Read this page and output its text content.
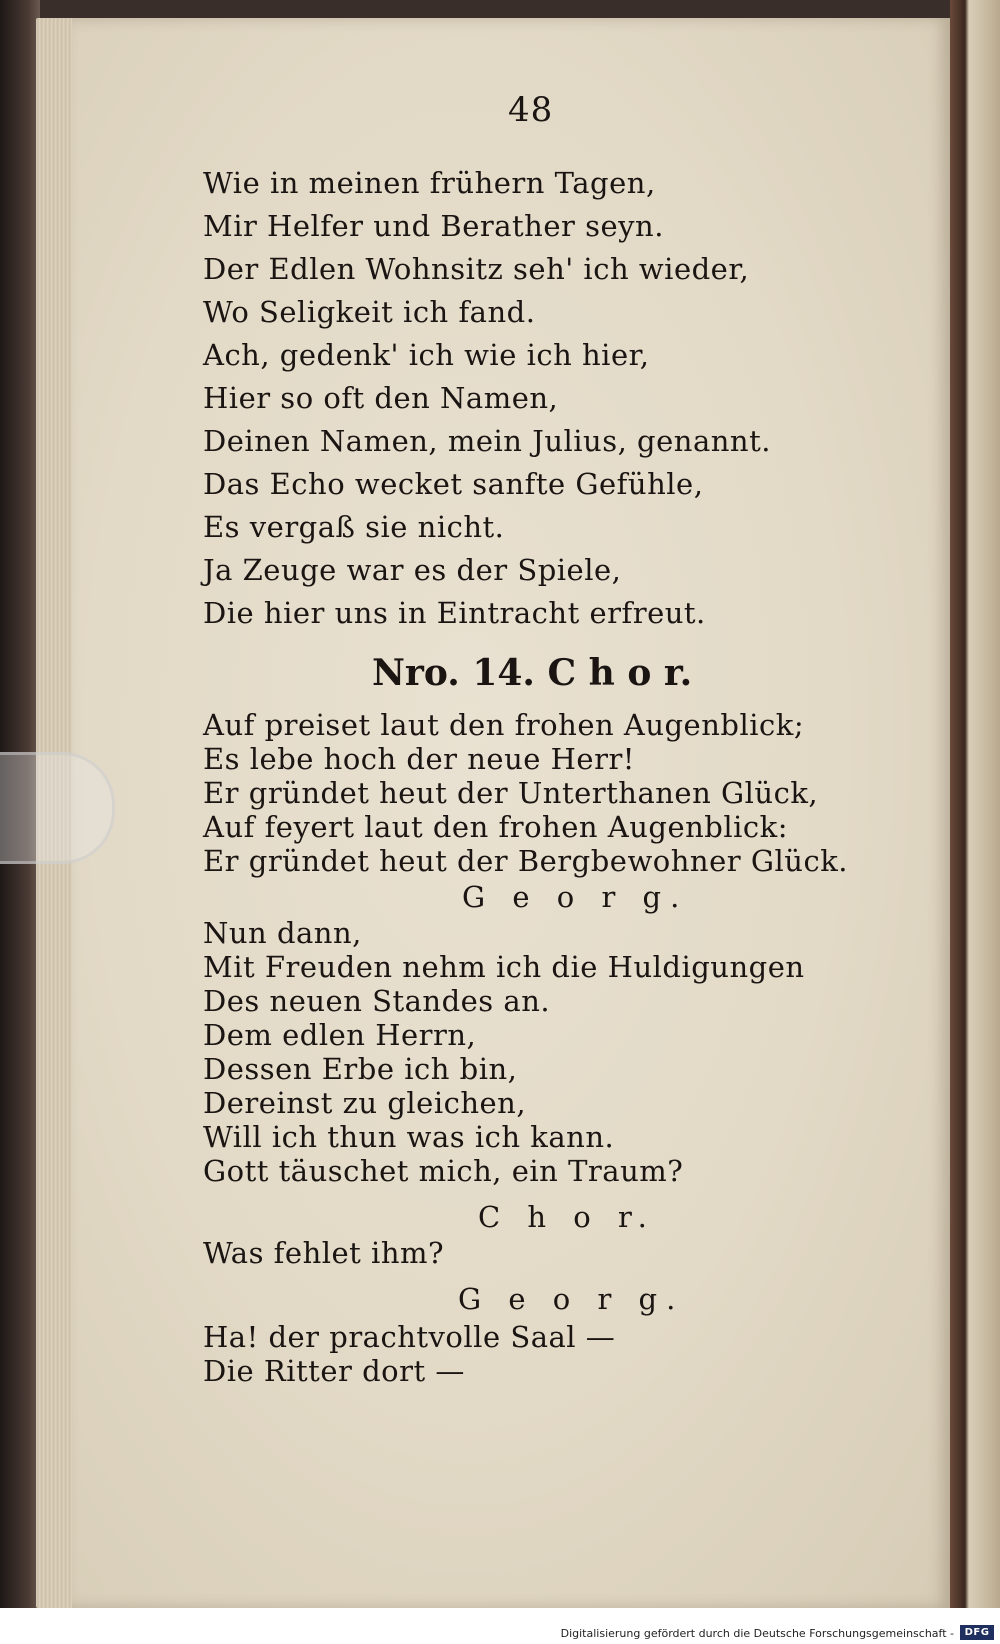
48
Wie in meinen frühern Tagen,
Mir Helfer und Berather seyn.
Der Edlen Wohnsitz seh' ich wieder,
Wo Seligkeit ich fand.
Ach, gedenk' ich wie ich hier,
Hier so oft den Namen,
Deinen Namen, mein Julius, genannt.
Das Echo wecket sanfte Gefühle,
Es vergaß sie nicht.
Ja Zeuge war es der Spiele,
Die hier uns in Eintracht erfreut.
Nro. 14. C h o r.
Auf preiset laut den frohen Augenblick;
Es lebe hoch der neue Herr!
Er gründet heut der Unterthanen Glück,
Auf feyert laut den frohen Augenblick:
Er gründet heut der Bergbewohner Glück.
G e o r g.
Nun dann,
Mit Freuden nehm ich die Huldigungen
Des neuen Standes an.
Dem edlen Herrn,
Dessen Erbe ich bin,
Dereinst zu gleichen,
Will ich thun was ich kann.
Gott täuschet mich, ein Traum?
C h o r.
Was fehlet ihm?
G e o r g.
Ha! der prachtvolle Saal —
Die Ritter dort —
Digitalisierung gefördert durch die Deutsche Forschungsgemeinschaft -	DFG
